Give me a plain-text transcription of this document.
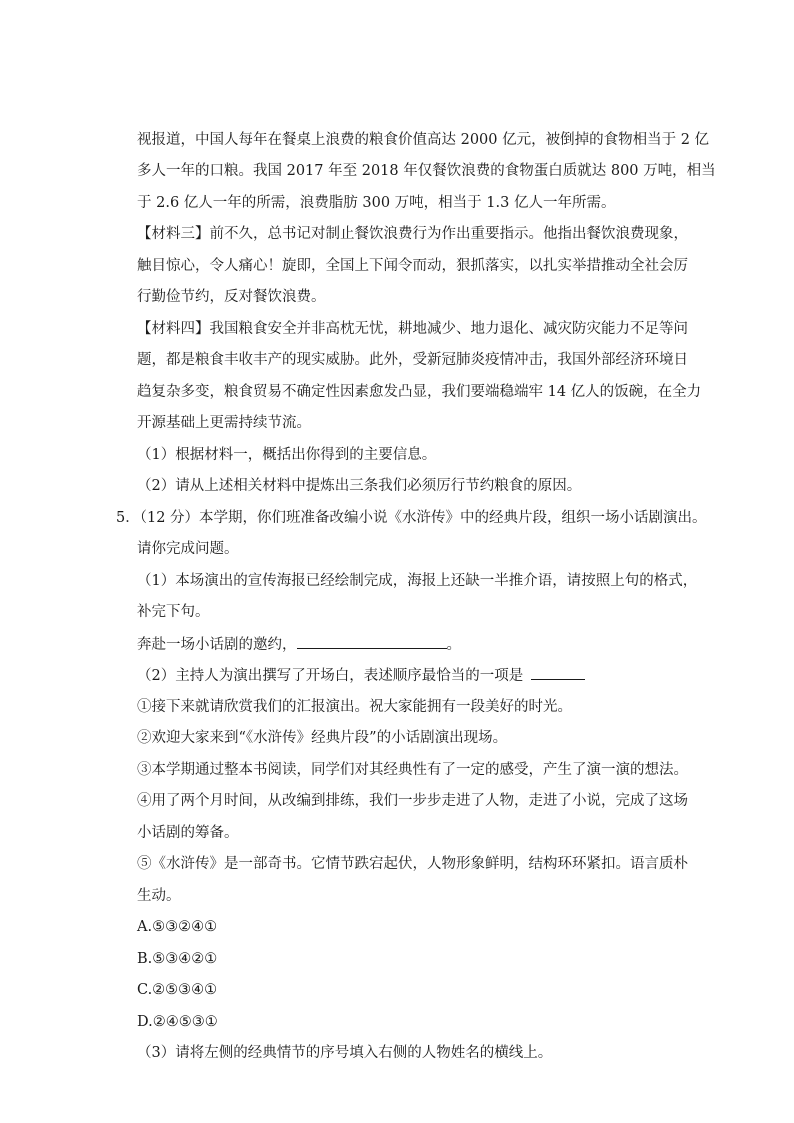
视报道，中国人每年在餐桌上浪费的粮食价值高达 2000 亿元，被倒掉的食物相当于 2 亿
多人一年的口粮。我国 2017 年至 2018 年仅餐饮浪费的食物蛋白质就达 800 万吨，相当
于 2.6 亿人一年的所需，浪费脂肪 300 万吨，相当于 1.3 亿人一年所需。
【材料三】前不久，总书记对制止餐饮浪费行为作出重要指示。他指出餐饮浪费现象，
触目惊心，令人痛心！旋即，全国上下闻令而动，狠抓落实，以扎实举措推动全社会厉
行勤俭节约，反对餐饮浪费。
【材料四】我国粮食安全并非高枕无忧，耕地减少、地力退化、减灾防灾能力不足等问
题，都是粮食丰收丰产的现实威胁。此外，受新冠肺炎疫情冲击，我国外部经济环境日
趋复杂多变，粮食贸易不确定性因素愈发凸显，我们要端稳端牢 14 亿人的饭碗，在全力
开源基础上更需持续节流。
（1）根据材料一，概括出你得到的主要信息。
（2）请从上述相关材料中提炼出三条我们必须厉行节约粮食的原因。
5．（12 分）本学期，你们班准备改编小说《水浒传》中的经典片段，组织一场小话剧演出。
请你完成问题。
（1）本场演出的宣传海报已经绘制完成，海报上还缺一半推介语，请按照上句的格式，
补完下句。
奔赴一场小话剧的邀约，	。
（2）主持人为演出撰写了开场白，表述顺序最恰当的一项是
①接下来就请欣赏我们的汇报演出。祝大家能拥有一段美好的时光。
②欢迎大家来到“《水浒传》经典片段”的小话剧演出现场。
③本学期通过整本书阅读，同学们对其经典性有了一定的感受，产生了演一演的想法。
④用了两个月时间，从改编到排练，我们一步步走进了人物，走进了小说，完成了这场
小话剧的筹备。
⑤《水浒传》是一部奇书。它情节跌宕起伏，人物形象鲜明，结构环环紧扣。语言质朴
生动。
A.⑤③②④①
B.⑤③④②①
C.②⑤③④①
D.②④⑤③①
（3）请将左侧的经典情节的序号填入右侧的人物姓名的横线上。
